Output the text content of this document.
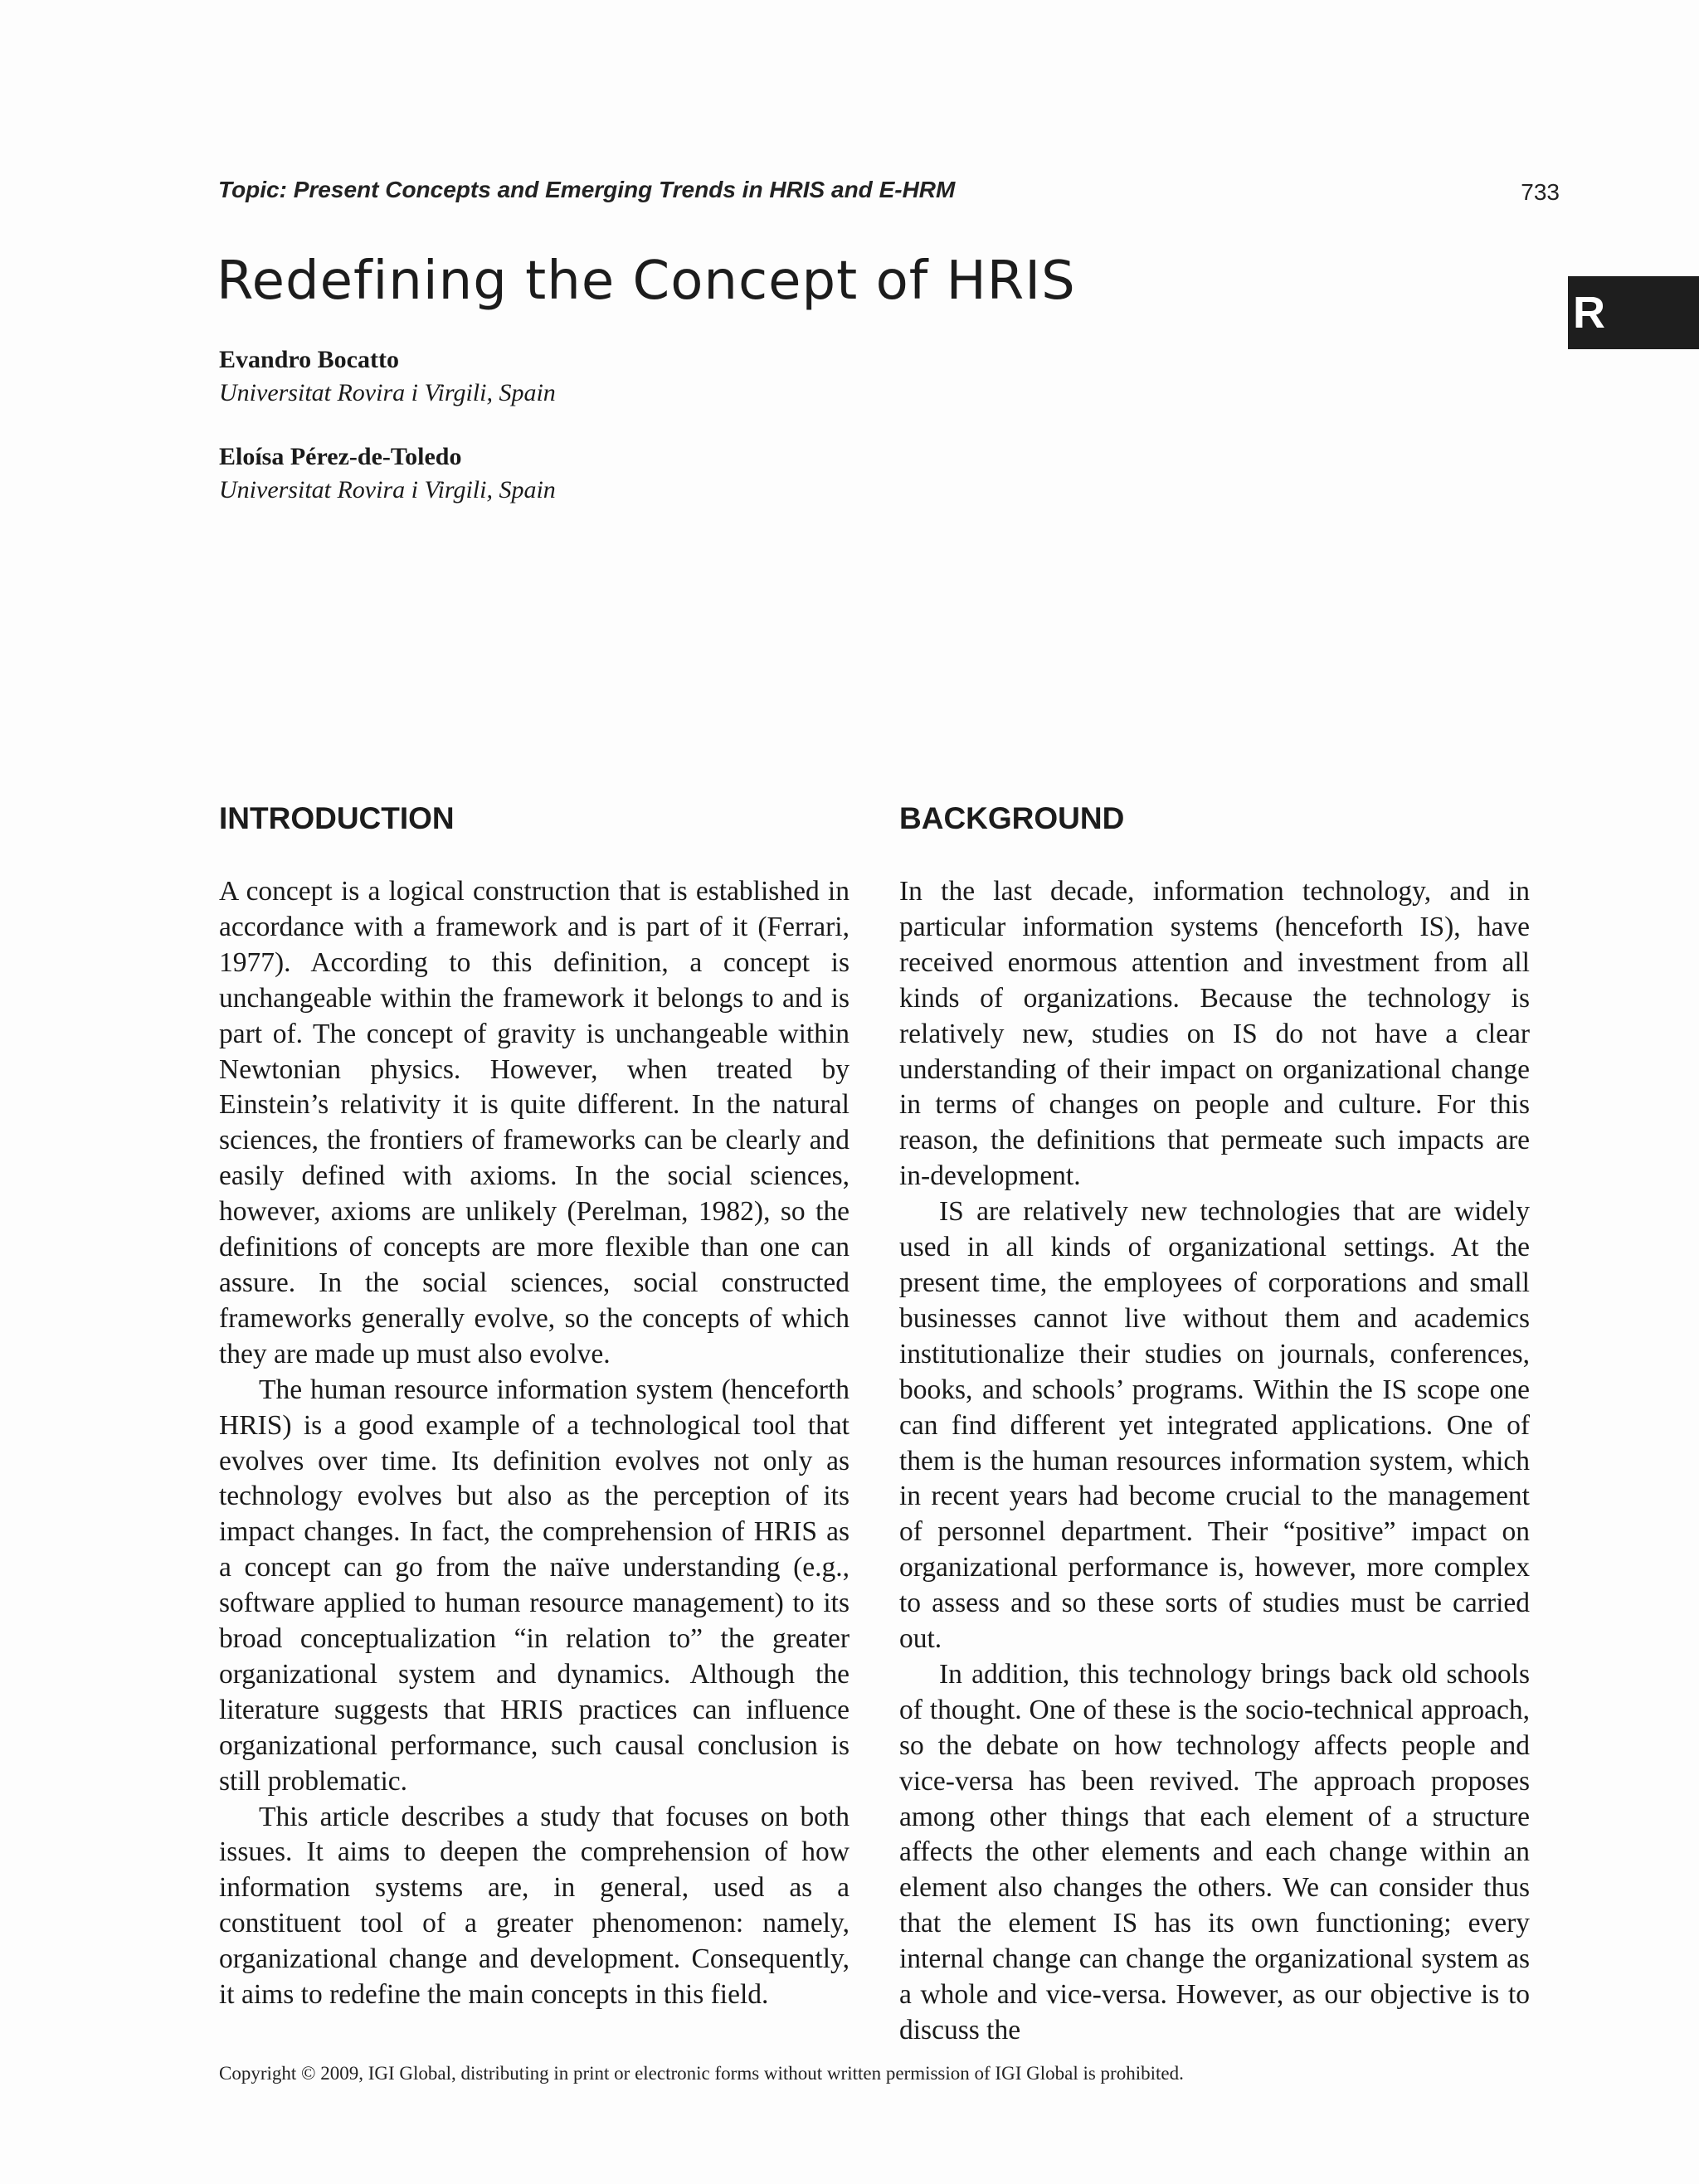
Topic: Present Concepts and Emerging Trends in HRIS and E-HRM	733
R
Redefining the Concept of HRIS
Evandro Bocatto
Universitat Rovira i Virgili, Spain
Eloísa Pérez-de-Toledo
Universitat Rovira i Virgili, Spain
INTRODUCTION

A concept is a logical construction that is established in accordance with a framework and is part of it (Ferrari, 1977). According to this definition, a concept is unchangeable within the framework it belongs to and is part of. The concept of gravity is unchangeable within Newtonian physics. However, when treated by Einstein’s relativity it is quite different. In the natural sciences, the frontiers of frameworks can be clearly and easily defined with axioms. In the social sciences, however, axioms are unlikely (Perelman, 1982), so the definitions of concepts are more flexible than one can assure. In the social sciences, social constructed frameworks generally evolve, so the concepts of which they are made up must also evolve.

The human resource information system (henceforth HRIS) is a good example of a technological tool that evolves over time. Its definition evolves not only as technology evolves but also as the perception of its impact changes. In fact, the comprehension of HRIS as a concept can go from the naïve understanding (e.g., software applied to human resource management) to its broad conceptualization “in relation to” the greater organizational system and dynamics. Although the literature suggests that HRIS practices can influence organizational performance, such causal conclusion is still problematic.

This article describes a study that focuses on both issues. It aims to deepen the comprehension of how information systems are, in general, used as a constituent tool of a greater phenomenon: namely, organizational change and development. Consequently, it aims to redefine the main concepts in this field.

BACKGROUND

In the last decade, information technology, and in particular information systems (henceforth IS), have received enormous attention and investment from all kinds of organizations. Because the technology is relatively new, studies on IS do not have a clear understanding of their impact on organizational change in terms of changes on people and culture. For this reason, the definitions that permeate such impacts are in-development.

IS are relatively new technologies that are widely used in all kinds of organizational settings. At the present time, the employees of corporations and small businesses cannot live without them and academics institutionalize their studies on journals, conferences, books, and schools’ programs. Within the IS scope one can find different yet integrated applications. One of them is the human resources information system, which in recent years had become crucial to the management of personnel department. Their “positive” impact on organizational performance is, however, more complex to assess and so these sorts of studies must be carried out.

In addition, this technology brings back old schools of thought. One of these is the socio-technical approach, so the debate on how technology affects people and vice-versa has been revived. The approach proposes among other things that each element of a structure affects the other elements and each change within an element also changes the others. We can consider thus that the element IS has its own functioning; every internal change can change the organizational system as a whole and vice-versa. However, as our objective is to discuss the

Copyright © 2009, IGI Global, distributing in print or electronic forms without written permission of IGI Global is prohibited.
